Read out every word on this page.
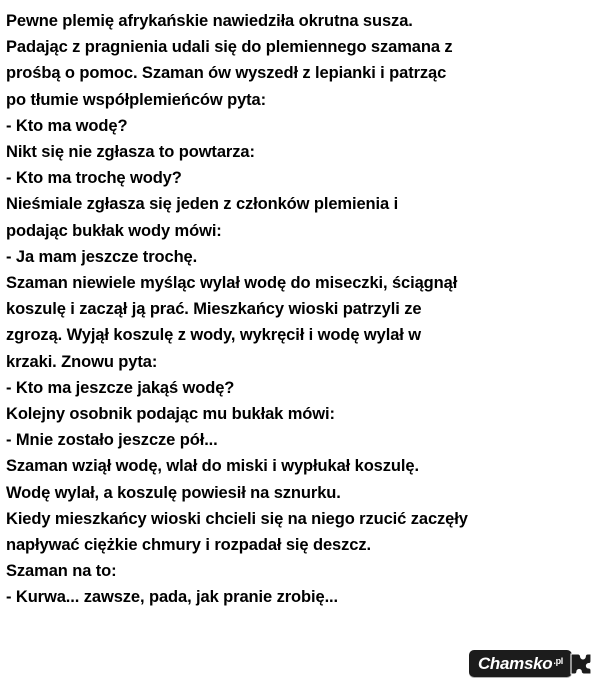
Pewne plemię afrykańskie nawiedziła okrutna susza.

Padając z pragnienia udali się do plemiennego szamana z

prośbą o pomoc. Szaman ów wyszedł z lepianki i patrząc

po tłumie współplemieńców pyta:

- Kto ma wodę?

Nikt się nie zgłasza to powtarza:

- Kto ma trochę wody?

Nieśmiale zgłasza się jeden z członków plemienia i

podając bukłak wody mówi:

- Ja mam jeszcze trochę.

Szaman niewiele myśląc wylał wodę do miseczki, ściągnął

koszulę i zaczął ją prać. Mieszkańcy wioski patrzyli ze

zgrozą. Wyjął koszulę z wody, wykręcił i wodę wylał w

krzaki. Znowu pyta:

- Kto ma jeszcze jakąś wodę?

Kolejny osobnik podając mu bukłak mówi:

- Mnie zostało jeszcze pół...

Szaman wziął wodę, wlał do miski i wypłukał koszulę.

Wodę wylał, a koszulę powiesił na sznurku.

Kiedy mieszkańcy wioski chcieli się na niego rzucić zaczęły

napływać ciężkie chmury i rozpadał się deszcz.

Szaman na to:

- Kurwa... zawsze, pada, jak pranie zrobię...

Chamsko .pl
